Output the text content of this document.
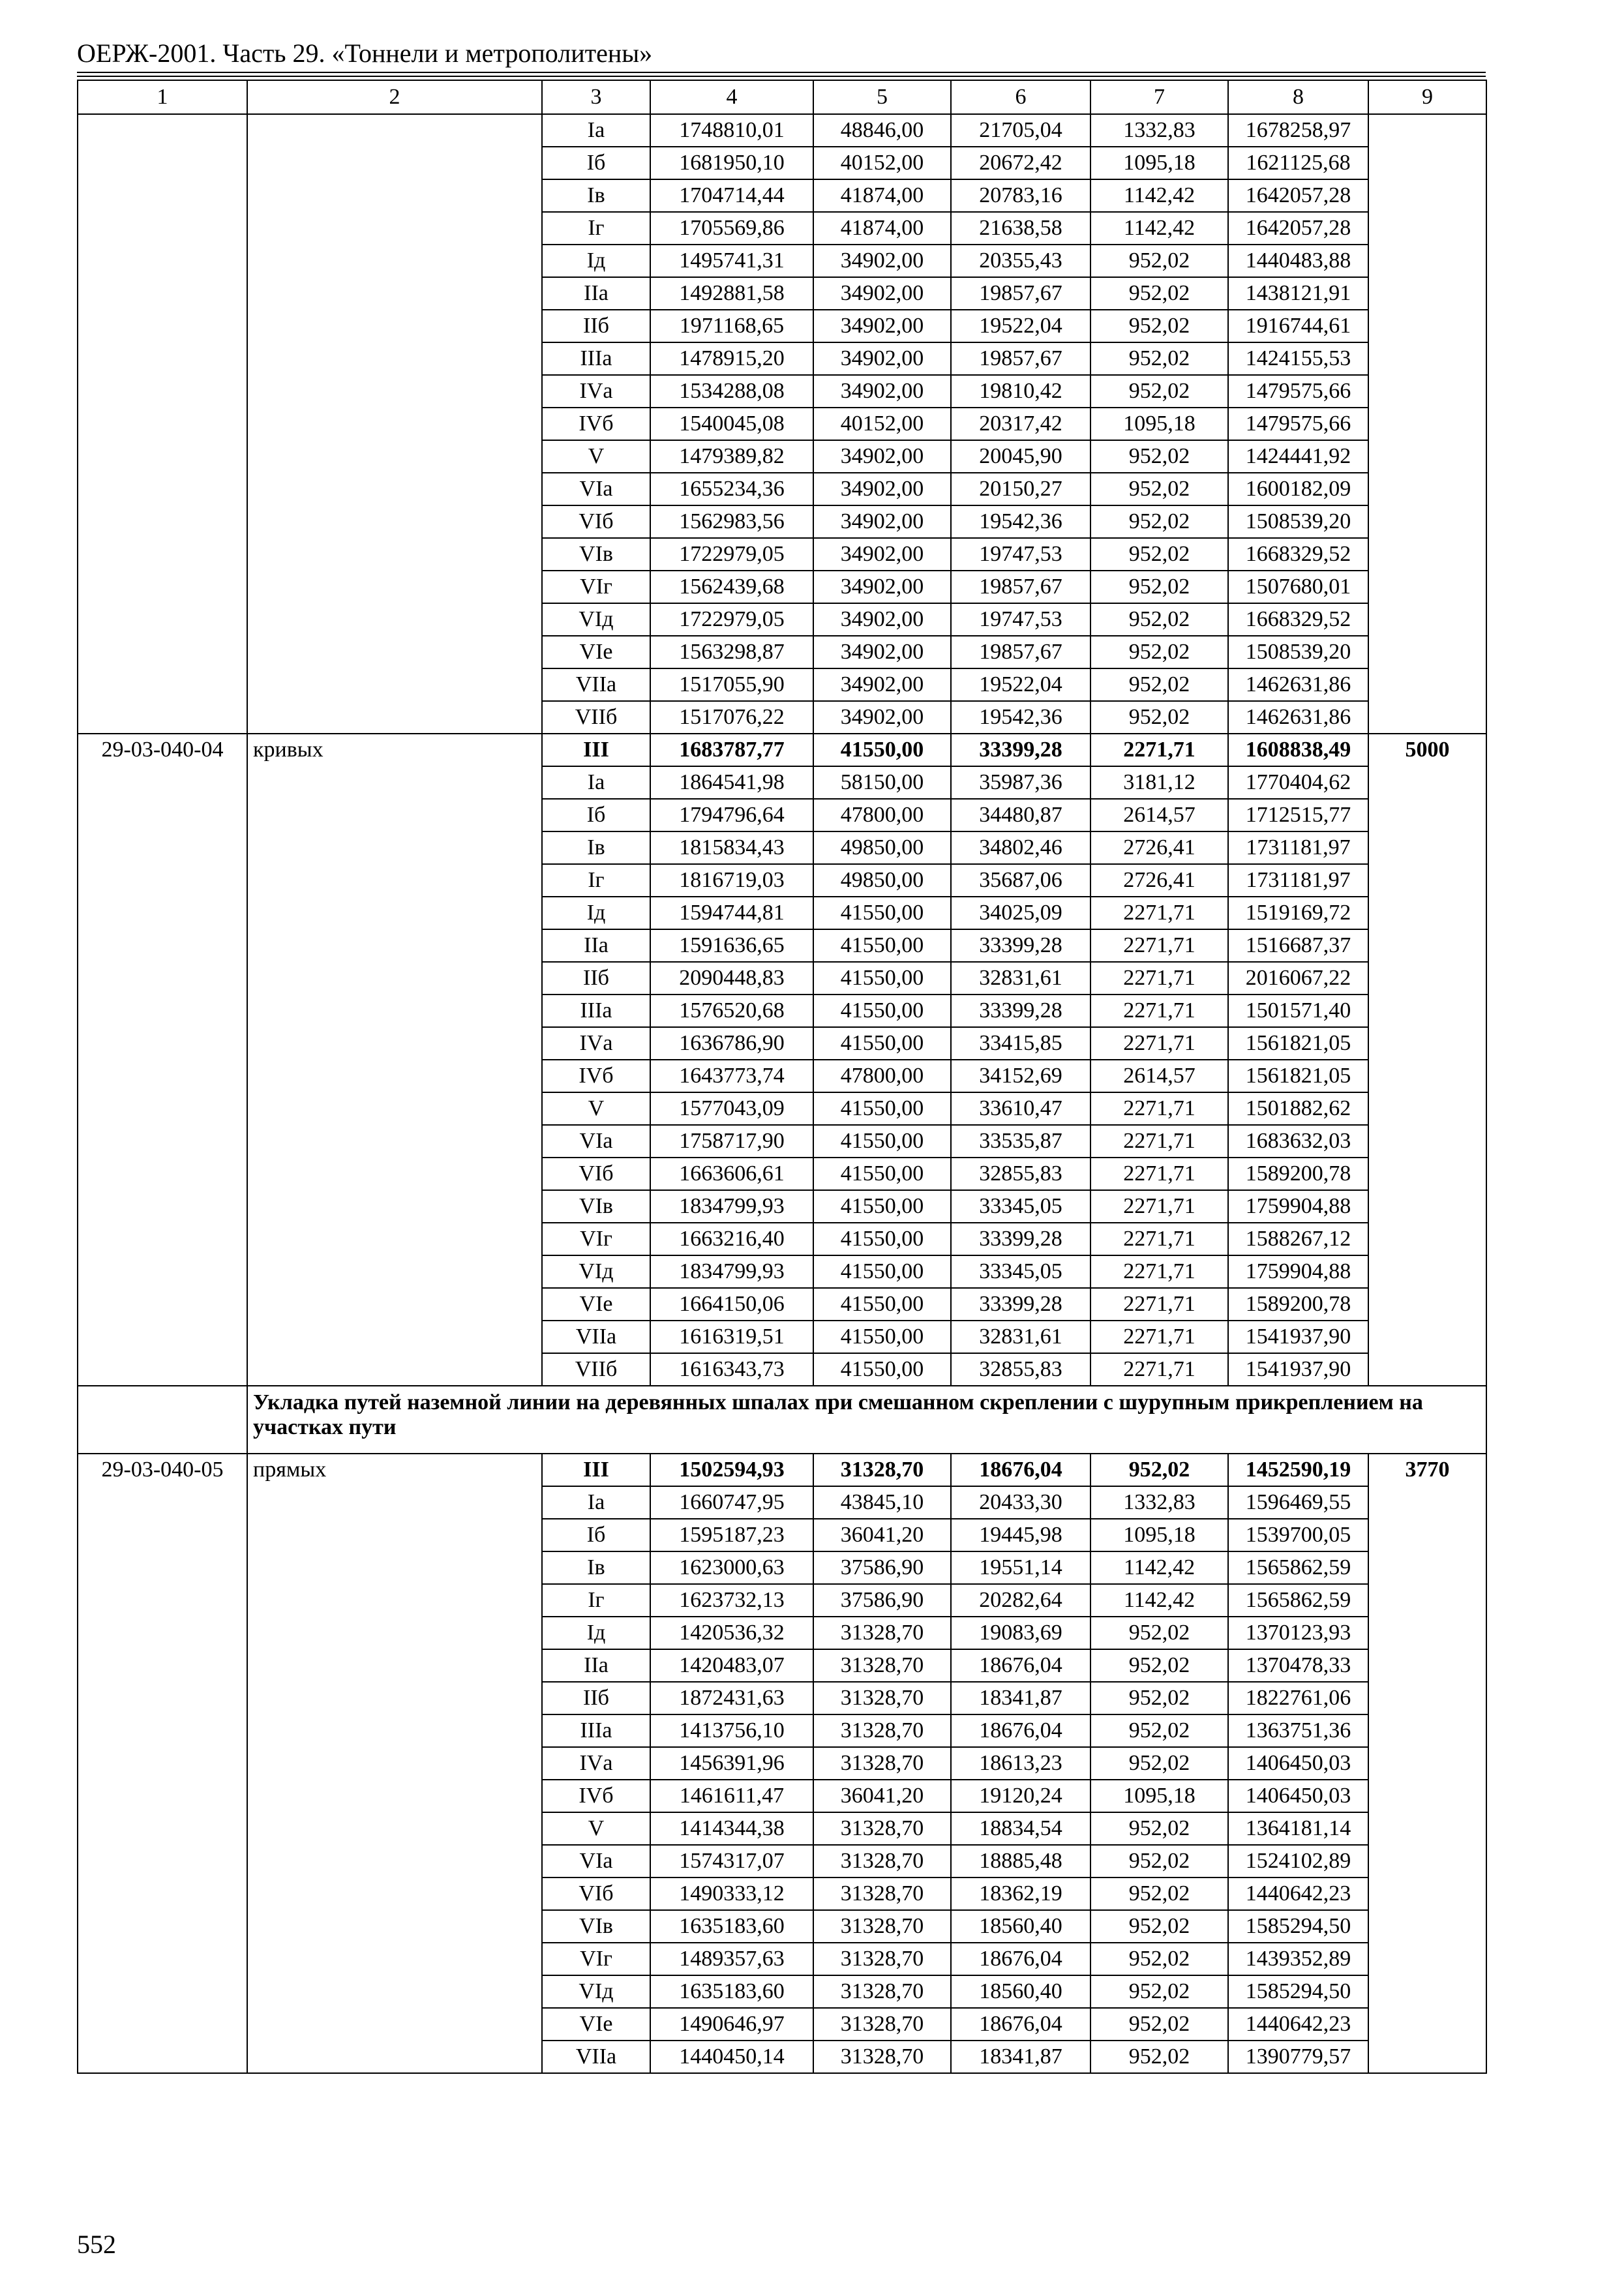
ОЕРЖ-2001. Часть 29. «Тоннели и метрополитены»
1	2	3	4	5	6	7	8	9
		Iа	1748810,01	48846,00	21705,04	1332,83	1678258,97	
		Iб	1681950,10	40152,00	20672,42	1095,18	1621125,68	
		Iв	1704714,44	41874,00	20783,16	1142,42	1642057,28	
		Iг	1705569,86	41874,00	21638,58	1142,42	1642057,28	
		Iд	1495741,31	34902,00	20355,43	952,02	1440483,88	
		IIа	1492881,58	34902,00	19857,67	952,02	1438121,91	
		IIб	1971168,65	34902,00	19522,04	952,02	1916744,61	
		IIIа	1478915,20	34902,00	19857,67	952,02	1424155,53	
		IVа	1534288,08	34902,00	19810,42	952,02	1479575,66	
		IVб	1540045,08	40152,00	20317,42	1095,18	1479575,66	
		V	1479389,82	34902,00	20045,90	952,02	1424441,92	
		VIа	1655234,36	34902,00	20150,27	952,02	1600182,09	
		VIб	1562983,56	34902,00	19542,36	952,02	1508539,20	
		VIв	1722979,05	34902,00	19747,53	952,02	1668329,52	
		VIг	1562439,68	34902,00	19857,67	952,02	1507680,01	
		VIд	1722979,05	34902,00	19747,53	952,02	1668329,52	
		VIе	1563298,87	34902,00	19857,67	952,02	1508539,20	
		VIIа	1517055,90	34902,00	19522,04	952,02	1462631,86	
		VIIб	1517076,22	34902,00	19542,36	952,02	1462631,86	
29-03-040-04	кривых	III	1683787,77	41550,00	33399,28	2271,71	1608838,49	5000
		Iа	1864541,98	58150,00	35987,36	3181,12	1770404,62	
		Iб	1794796,64	47800,00	34480,87	2614,57	1712515,77	
		Iв	1815834,43	49850,00	34802,46	2726,41	1731181,97	
		Iг	1816719,03	49850,00	35687,06	2726,41	1731181,97	
		Iд	1594744,81	41550,00	34025,09	2271,71	1519169,72	
		IIа	1591636,65	41550,00	33399,28	2271,71	1516687,37	
		IIб	2090448,83	41550,00	32831,61	2271,71	2016067,22	
		IIIа	1576520,68	41550,00	33399,28	2271,71	1501571,40	
		IVа	1636786,90	41550,00	33415,85	2271,71	1561821,05	
		IVб	1643773,74	47800,00	34152,69	2614,57	1561821,05	
		V	1577043,09	41550,00	33610,47	2271,71	1501882,62	
		VIа	1758717,90	41550,00	33535,87	2271,71	1683632,03	
		VIб	1663606,61	41550,00	32855,83	2271,71	1589200,78	
		VIв	1834799,93	41550,00	33345,05	2271,71	1759904,88	
		VIг	1663216,40	41550,00	33399,28	2271,71	1588267,12	
		VIд	1834799,93	41550,00	33345,05	2271,71	1759904,88	
		VIе	1664150,06	41550,00	33399,28	2271,71	1589200,78	
		VIIа	1616319,51	41550,00	32831,61	2271,71	1541937,90	
		VIIб	1616343,73	41550,00	32855,83	2271,71	1541937,90	
	Укладка путей наземной линии на деревянных шпалах при смешанном скреплении с шурупным прикреплением на участках пути							
29-03-040-05	прямых	III	1502594,93	31328,70	18676,04	952,02	1452590,19	3770
		Iа	1660747,95	43845,10	20433,30	1332,83	1596469,55	
		Iб	1595187,23	36041,20	19445,98	1095,18	1539700,05	
		Iв	1623000,63	37586,90	19551,14	1142,42	1565862,59	
		Iг	1623732,13	37586,90	20282,64	1142,42	1565862,59	
		Iд	1420536,32	31328,70	19083,69	952,02	1370123,93	
		IIа	1420483,07	31328,70	18676,04	952,02	1370478,33	
		IIб	1872431,63	31328,70	18341,87	952,02	1822761,06	
		IIIа	1413756,10	31328,70	18676,04	952,02	1363751,36	
		IVа	1456391,96	31328,70	18613,23	952,02	1406450,03	
		IVб	1461611,47	36041,20	19120,24	1095,18	1406450,03	
		V	1414344,38	31328,70	18834,54	952,02	1364181,14	
		VIа	1574317,07	31328,70	18885,48	952,02	1524102,89	
		VIб	1490333,12	31328,70	18362,19	952,02	1440642,23	
		VIв	1635183,60	31328,70	18560,40	952,02	1585294,50	
		VIг	1489357,63	31328,70	18676,04	952,02	1439352,89	
		VIд	1635183,60	31328,70	18560,40	952,02	1585294,50	
		VIе	1490646,97	31328,70	18676,04	952,02	1440642,23	
		VIIа	1440450,14	31328,70	18341,87	952,02	1390779,57	
552
